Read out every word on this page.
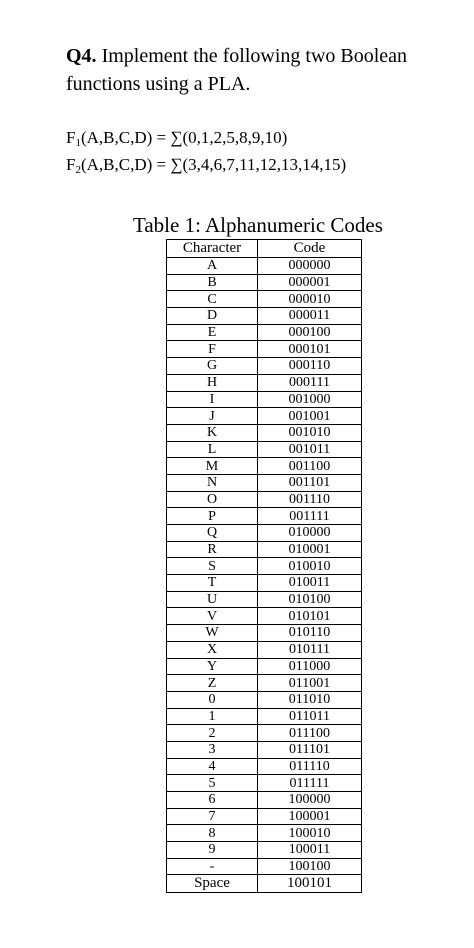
Q4. Implement the following two Boolean functions using a PLA.
$F_1(A,B,C,D) = \sum(0,1,2,5,8,9,10)$
$F_2(A,B,C,D) = \sum(3,4,6,7,11,12,13,14,15)$
Table 1: Alphanumeric Codes
Character	Code
A	000000
B	000001
C	000010
D	000011
E	000100
F	000101
G	000110
H	000111
I	001000
J	001001
K	001010
L	001011
M	001100
N	001101
O	001110
P	001111
Q	010000
R	010001
S	010010
T	010011
U	010100
V	010101
W	010110
X	010111
Y	011000
Z	011001
0	011010
1	011011
2	011100
3	011101
4	011110
5	011111
6	100000
7	100001
8	100010
9	100011
-	100100
Space	100101
